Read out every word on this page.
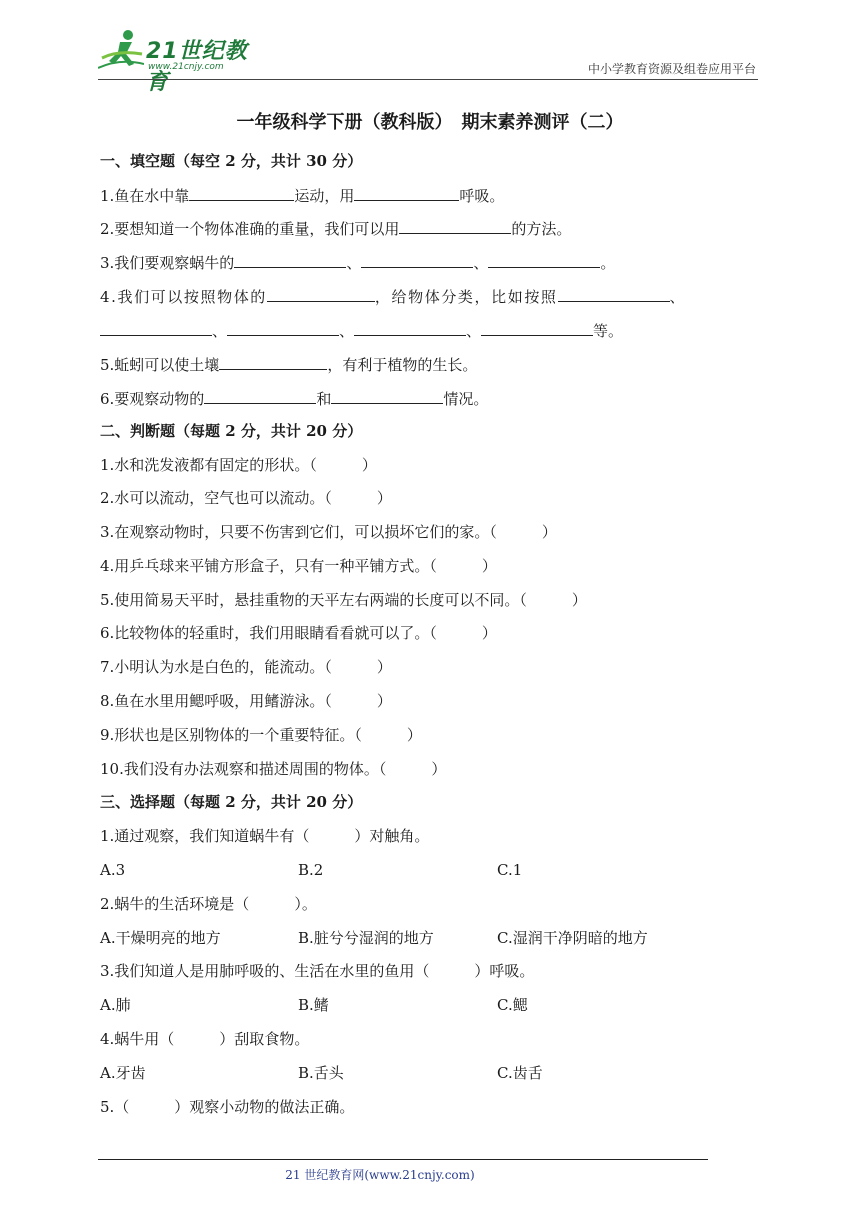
21世纪教育
www.21cnjy.com	中小学教育资源及组卷应用平台
一年级科学下册（教科版）　期末素养测评（二）
一、填空题（每空 2 分，共计 30 分）
1.鱼在水中靠	运动，用	呼吸。
2.要想知道一个物体准确的重量，我们可以用	的方法。
3.我们要观察蜗牛的	、	、	。
4.我们可以按照物体的	，给物体分类，比如按照	、
、	、	、	等。
5.蚯蚓可以使土壤	，有利于植物的生长。
6.要观察动物的	和	情况。
二、判断题（每题 2 分，共计 20 分）
1.水和洗发液都有固定的形状。（　　　）
2.水可以流动，空气也可以流动。（　　　）
3.在观察动物时，只要不伤害到它们，可以损坏它们的家。（　　　）
4.用乒乓球来平铺方形盒子，只有一种平铺方式。（　　　）
5.使用简易天平时，悬挂重物的天平左右两端的长度可以不同。（　　　）
6.比较物体的轻重时，我们用眼睛看看就可以了。（　　　）
7.小明认为水是白色的，能流动。（　　　）
8.鱼在水里用鳃呼吸，用鳍游泳。（　　　）
9.形状也是区别物体的一个重要特征。（　　　）
10.我们没有办法观察和描述周围的物体。（　　　）
三、选择题（每题 2 分，共计 20 分）
1.通过观察，我们知道蜗牛有（　　　）对触角。
A.3	B.2	C.1
2.蜗牛的生活环境是（　　　）。
A.干燥明亮的地方	B.脏兮兮湿润的地方	C.湿润干净阴暗的地方
3.我们知道人是用肺呼吸的、生活在水里的鱼用（　　　）呼吸。
A.肺	B.鳍	C.鳃
4.蜗牛用（　　　）刮取食物。
A.牙齿	B.舌头	C.齿舌
5.（　　　）观察小动物的做法正确。
21 世纪教育网(www.21cnjy.com)
